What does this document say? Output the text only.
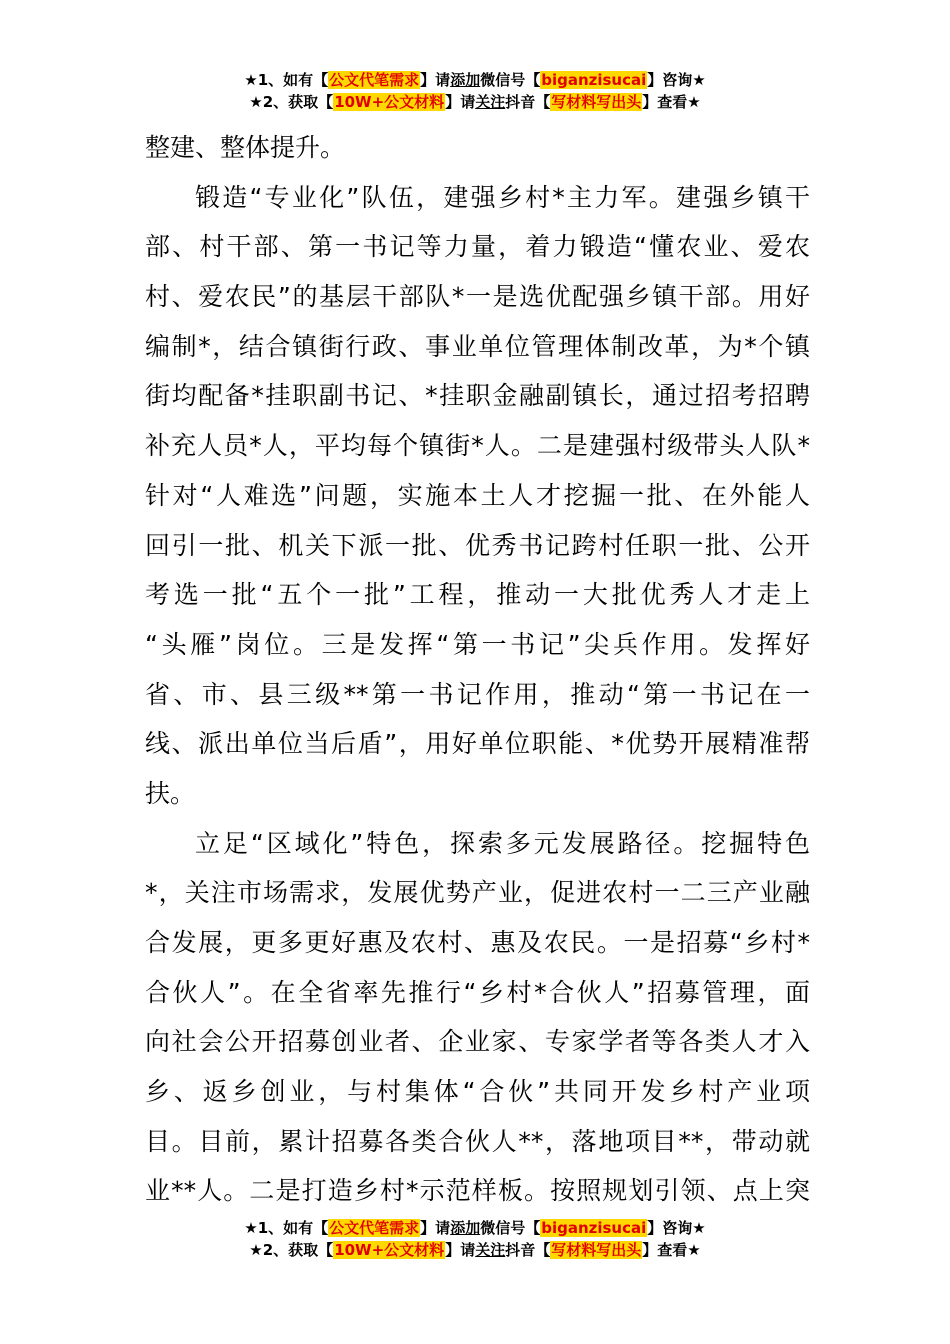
★1、如有【公文代笔需求】请添加微信号【biganzisucai】咨询★
★2、获取【10W+公文材料】请关注抖音【写材料写出头】查看★
整建、整体提升。
锻造“专业化”队伍，建强乡村*主力军。建强乡镇干
部、村干部、第一书记等力量，着力锻造“懂农业、爱农
村、爱农民”的基层干部队*一是选优配强乡镇干部。用好
编制*，结合镇街行政、事业单位管理体制改革，为*个镇
街均配备*挂职副书记、*挂职金融副镇长，通过招考招聘
补充人员*人，平均每个镇街*人。二是建强村级带头人队*
针对“人难选”问题，实施本土人才挖掘一批、在外能人
回引一批、机关下派一批、优秀书记跨村任职一批、公开
考选一批“五个一批”工程，推动一大批优秀人才走上
“头雁”岗位。三是发挥“第一书记”尖兵作用。发挥好
省、市、县三级**第一书记作用，推动“第一书记在一
线、派出单位当后盾”，用好单位职能、*优势开展精准帮
扶。
立足“区域化”特色，探索多元发展路径。挖掘特色
*，关注市场需求，发展优势产业，促进农村一二三产业融
合发展，更多更好惠及农村、惠及农民。一是招募“乡村*
合伙人”。在全省率先推行“乡村*合伙人”招募管理，面
向社会公开招募创业者、企业家、专家学者等各类人才入
乡、返乡创业，与村集体“合伙”共同开发乡村产业项
目。目前，累计招募各类合伙人**，落地项目**，带动就
业**人。二是打造乡村*示范样板。按照规划引领、点上突
★1、如有【公文代笔需求】请添加微信号【biganzisucai】咨询★
★2、获取【10W+公文材料】请关注抖音【写材料写出头】查看★
